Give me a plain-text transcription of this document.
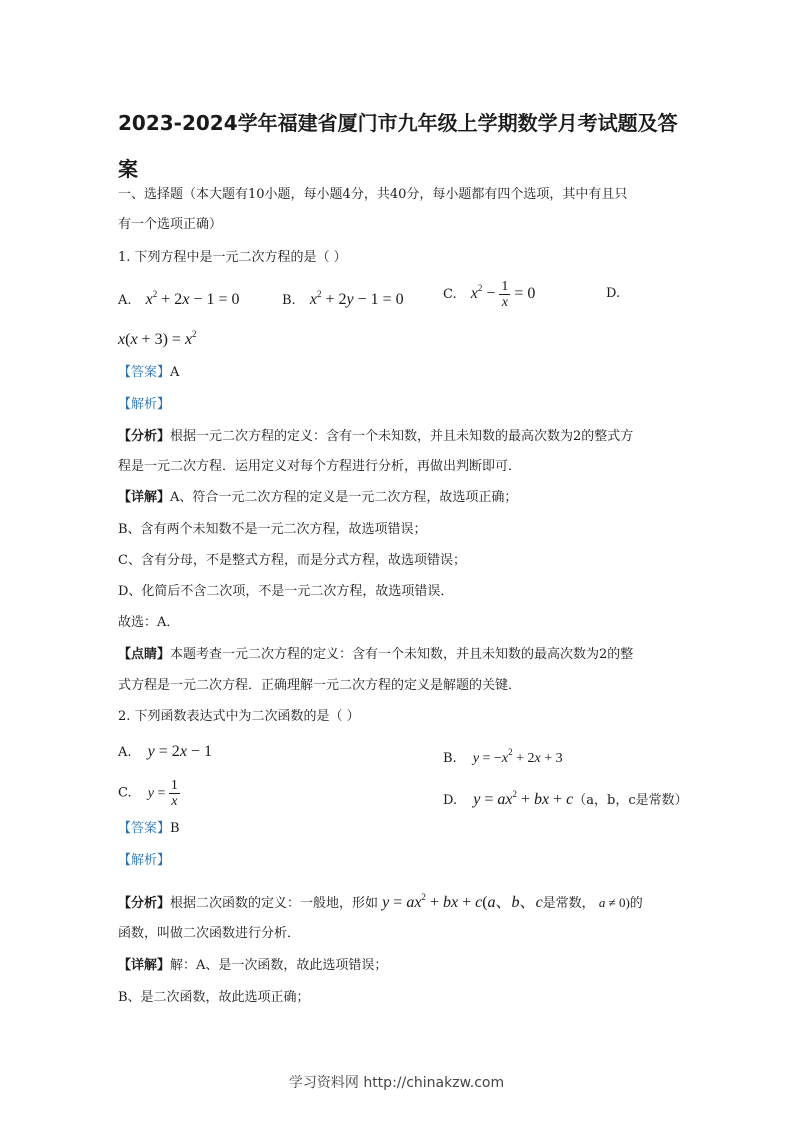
2023-2024学年福建省厦门市九年级上学期数学月考试题及答案
一、选择题（本大题有10小题，每小题4分，共40分，每小题都有四个选项，其中有且只
有一个选项正确）
1. 下列方程中是一元二次方程的是（ ）
A. $x^2 + 2x - 1 = 0$	B. $x^2 + 2y - 1 = 0$	C. $x^2 - \frac{1}{x} = 0$	D.
$x(x + 3) = x^2$
【答案】A
【解析】
【分析】根据一元二次方程的定义：含有一个未知数，并且未知数的最高次数为2的整式方
程是一元二次方程．运用定义对每个方程进行分析，再做出判断即可．
【详解】A、符合一元二次方程的定义是一元二次方程，故选项正确；
B、含有两个未知数不是一元二次方程，故选项错误；
C、含有分母，不是整式方程，而是分式方程，故选项错误；
D、化简后不含二次项，不是一元二次方程，故选项错误．
故选：A．
【点睛】本题考查一元二次方程的定义：含有一个未知数，并且未知数的最高次数为2的整
式方程是一元二次方程．正确理解一元二次方程的定义是解题的关键．
2. 下列函数表达式中为二次函数的是（ ）
A. y = 2x − 1	B. $y = -x^2 + 2x + 3$
C. $y = \frac{1}{x}$	D. $y = ax^2$ + bx + c（a，b，c是常数）
【答案】B
【解析】
【分析】根据二次函数的定义：一般地，形如 $y = ax^2$ + bx + c(a、b、c是常数， a ≠ 0)的
函数，叫做二次函数进行分析．
【详解】解：A、是一次函数，故此选项错误；
B、是二次函数，故此选项正确；
学习资料网 http://chinakzw.com
